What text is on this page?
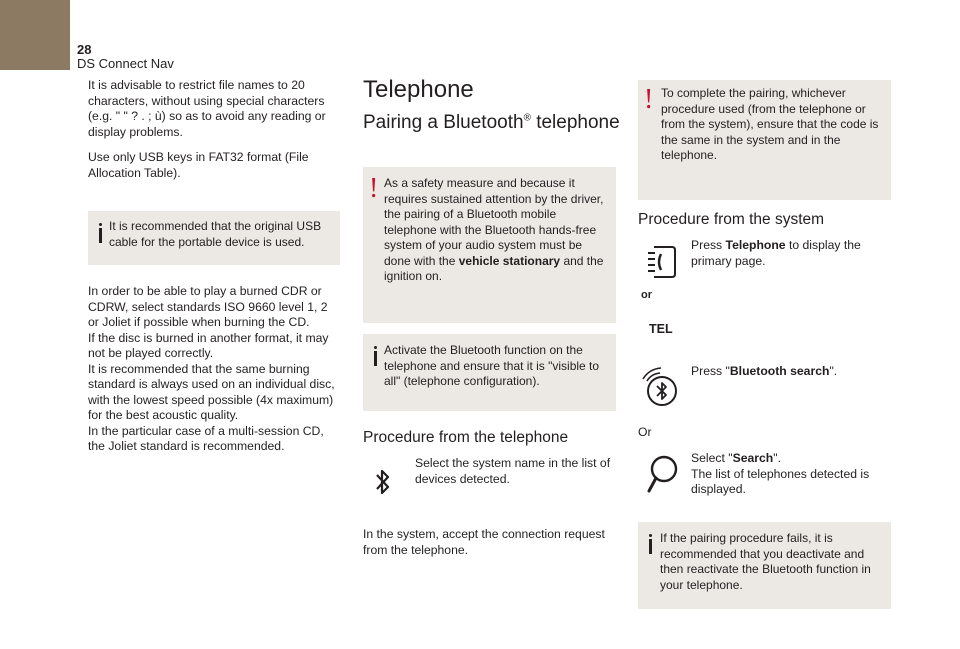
28
DS Connect Nav

It is advisable to restrict file names to 20 characters, without using special characters (e.g. " " ? . ; ù) so as to avoid any reading or display problems.

Use only USB keys in FAT32 format (File Allocation Table).

It is recommended that the original USB cable for the portable device is used.

In order to be able to play a burned CDR or CDRW, select standards ISO 9660 level 1, 2 or Joliet if possible when burning the CD.

If the disc is burned in another format, it may not be played correctly.

It is recommended that the same burning standard is always used on an individual disc, with the lowest speed possible (4x maximum) for the best acoustic quality.

In the particular case of a multi-session CD, the Joliet standard is recommended.

Telephone
Pairing a Bluetooth® telephone
! As a safety measure and because it requires sustained attention by the driver, the pairing of a Bluetooth mobile telephone with the Bluetooth hands-free system of your audio system must be done with the vehicle stationary and the ignition on.

Activate the Bluetooth function on the telephone and ensure that it is "visible to all" (telephone configuration).

Procedure from the telephone

Select the system name in the list of devices detected.

In the system, accept the connection request from the telephone.

! To complete the pairing, whichever procedure used (from the telephone or from the system), ensure that the code is the same in the system and in the telephone.

Procedure from the system

Press Telephone to display the primary page.

or
TEL

Press "Bluetooth search".

Or

Select "Search".

The list of telephones detected is displayed.

If the pairing procedure fails, it is recommended that you deactivate and then reactivate the Bluetooth function in your telephone.
